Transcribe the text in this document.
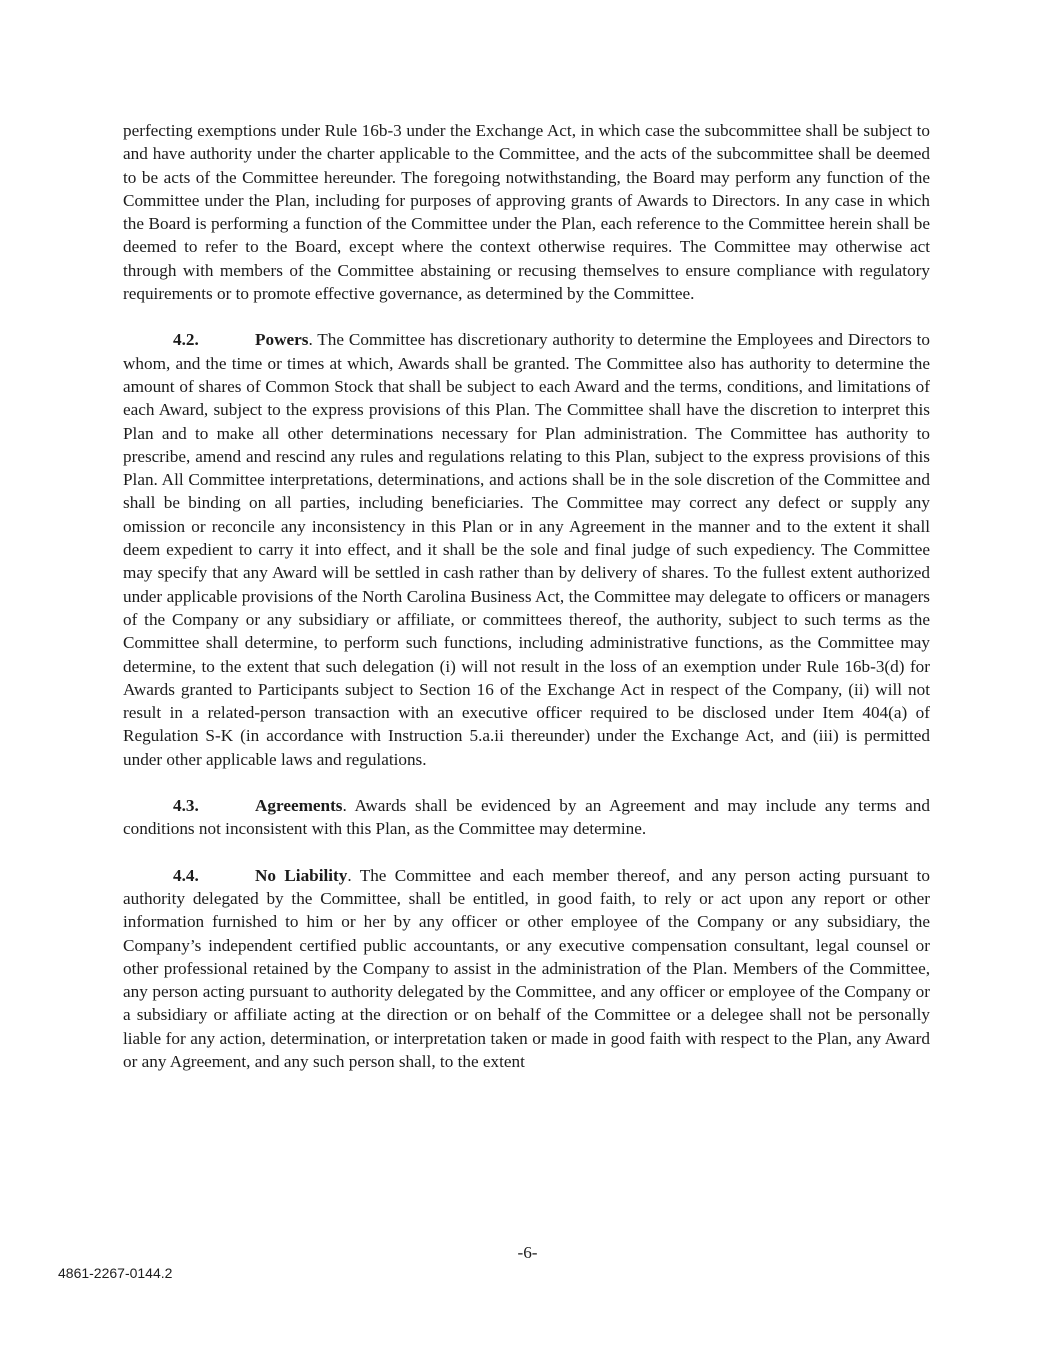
perfecting exemptions under Rule 16b-3 under the Exchange Act, in which case the subcommittee shall be subject to and have authority under the charter applicable to the Committee, and the acts of the subcommittee shall be deemed to be acts of the Committee hereunder. The foregoing notwithstanding, the Board may perform any function of the Committee under the Plan, including for purposes of approving grants of Awards to Directors. In any case in which the Board is performing a function of the Committee under the Plan, each reference to the Committee herein shall be deemed to refer to the Board, except where the context otherwise requires. The Committee may otherwise act through with members of the Committee abstaining or recusing themselves to ensure compliance with regulatory requirements or to promote effective governance, as determined by the Committee.

4.2.	Powers. The Committee has discretionary authority to determine the Employees and Directors to whom, and the time or times at which, Awards shall be granted. The Committee also has authority to determine the amount of shares of Common Stock that shall be subject to each Award and the terms, conditions, and limitations of each Award, subject to the express provisions of this Plan. The Committee shall have the discretion to interpret this Plan and to make all other determinations necessary for Plan administration. The Committee has authority to prescribe, amend and rescind any rules and regulations relating to this Plan, subject to the express provisions of this Plan. All Committee interpretations, determinations, and actions shall be in the sole discretion of the Committee and shall be binding on all parties, including beneficiaries. The Committee may correct any defect or supply any omission or reconcile any inconsistency in this Plan or in any Agreement in the manner and to the extent it shall deem expedient to carry it into effect, and it shall be the sole and final judge of such expediency. The Committee may specify that any Award will be settled in cash rather than by delivery of shares. To the fullest extent authorized under applicable provisions of the North Carolina Business Act, the Committee may delegate to officers or managers of the Company or any subsidiary or affiliate, or committees thereof, the authority, subject to such terms as the Committee shall determine, to perform such functions, including administrative functions, as the Committee may determine, to the extent that such delegation (i) will not result in the loss of an exemption under Rule 16b-3(d) for Awards granted to Participants subject to Section 16 of the Exchange Act in respect of the Company, (ii) will not result in a related-person transaction with an executive officer required to be disclosed under Item 404(a) of Regulation S-K (in accordance with Instruction 5.a.ii thereunder) under the Exchange Act, and (iii) is permitted under other applicable laws and regulations.

4.3.	Agreements. Awards shall be evidenced by an Agreement and may include any terms and conditions not inconsistent with this Plan, as the Committee may determine.

4.4.	No Liability. The Committee and each member thereof, and any person acting pursuant to authority delegated by the Committee, shall be entitled, in good faith, to rely or act upon any report or other information furnished to him or her by any officer or other employee of the Company or any subsidiary, the Company’s independent certified public accountants, or any executive compensation consultant, legal counsel or other professional retained by the Company to assist in the administration of the Plan. Members of the Committee, any person acting pursuant to authority delegated by the Committee, and any officer or employee of the Company or a subsidiary or affiliate acting at the direction or on behalf of the Committee or a delegee shall not be personally liable for any action, determination, or interpretation taken or made in good faith with respect to the Plan, any Award or any Agreement, and any such person shall, to the extent

-6-
4861-2267-0144.2
